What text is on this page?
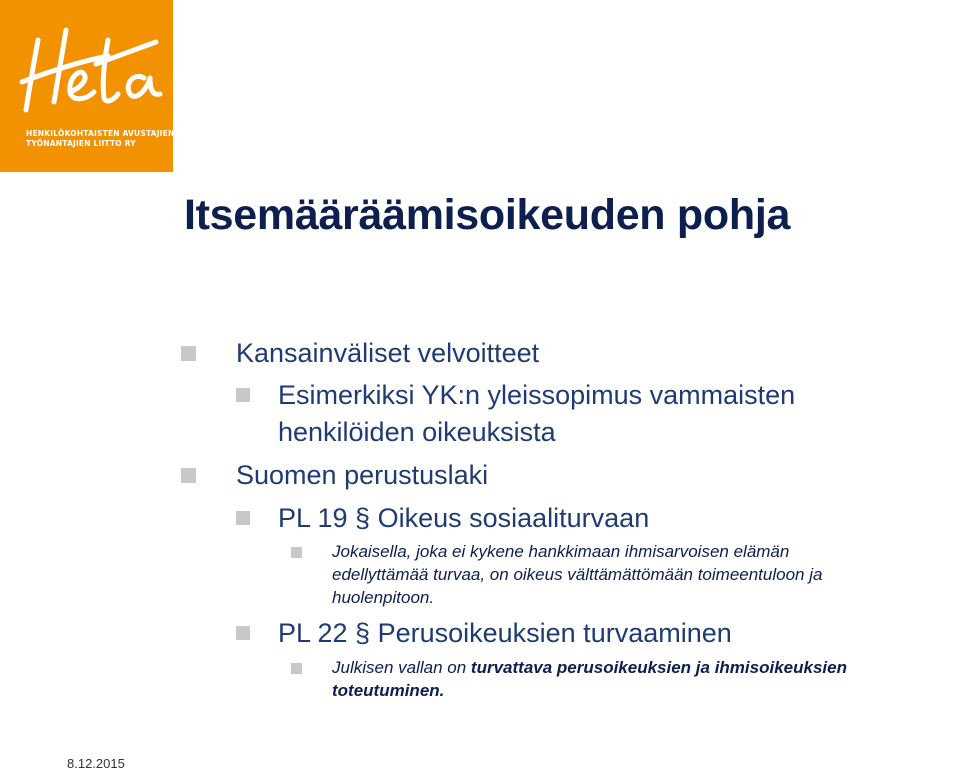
HENKILÖKOHTAISTEN AVUSTAJIEN
TYÖNANTAJIEN LIITTO RY
Itsemääräämisoikeuden pohja
Kansainväliset velvoitteet
Esimerkiksi YK:n yleissopimus vammaisten
henkilöiden oikeuksista
Suomen perustuslaki
PL 19 § Oikeus sosiaaliturvaan
Jokaisella, joka ei kykene hankkimaan ihmisarvoisen elämän
edellyttämää turvaa, on oikeus välttämättömään toimeentuloon ja
huolenpitoon.
PL 22 § Perusoikeuksien turvaaminen
Julkisen vallan on turvattava perusoikeuksien ja ihmisoikeuksien
toteutuminen.
8.12.2015
